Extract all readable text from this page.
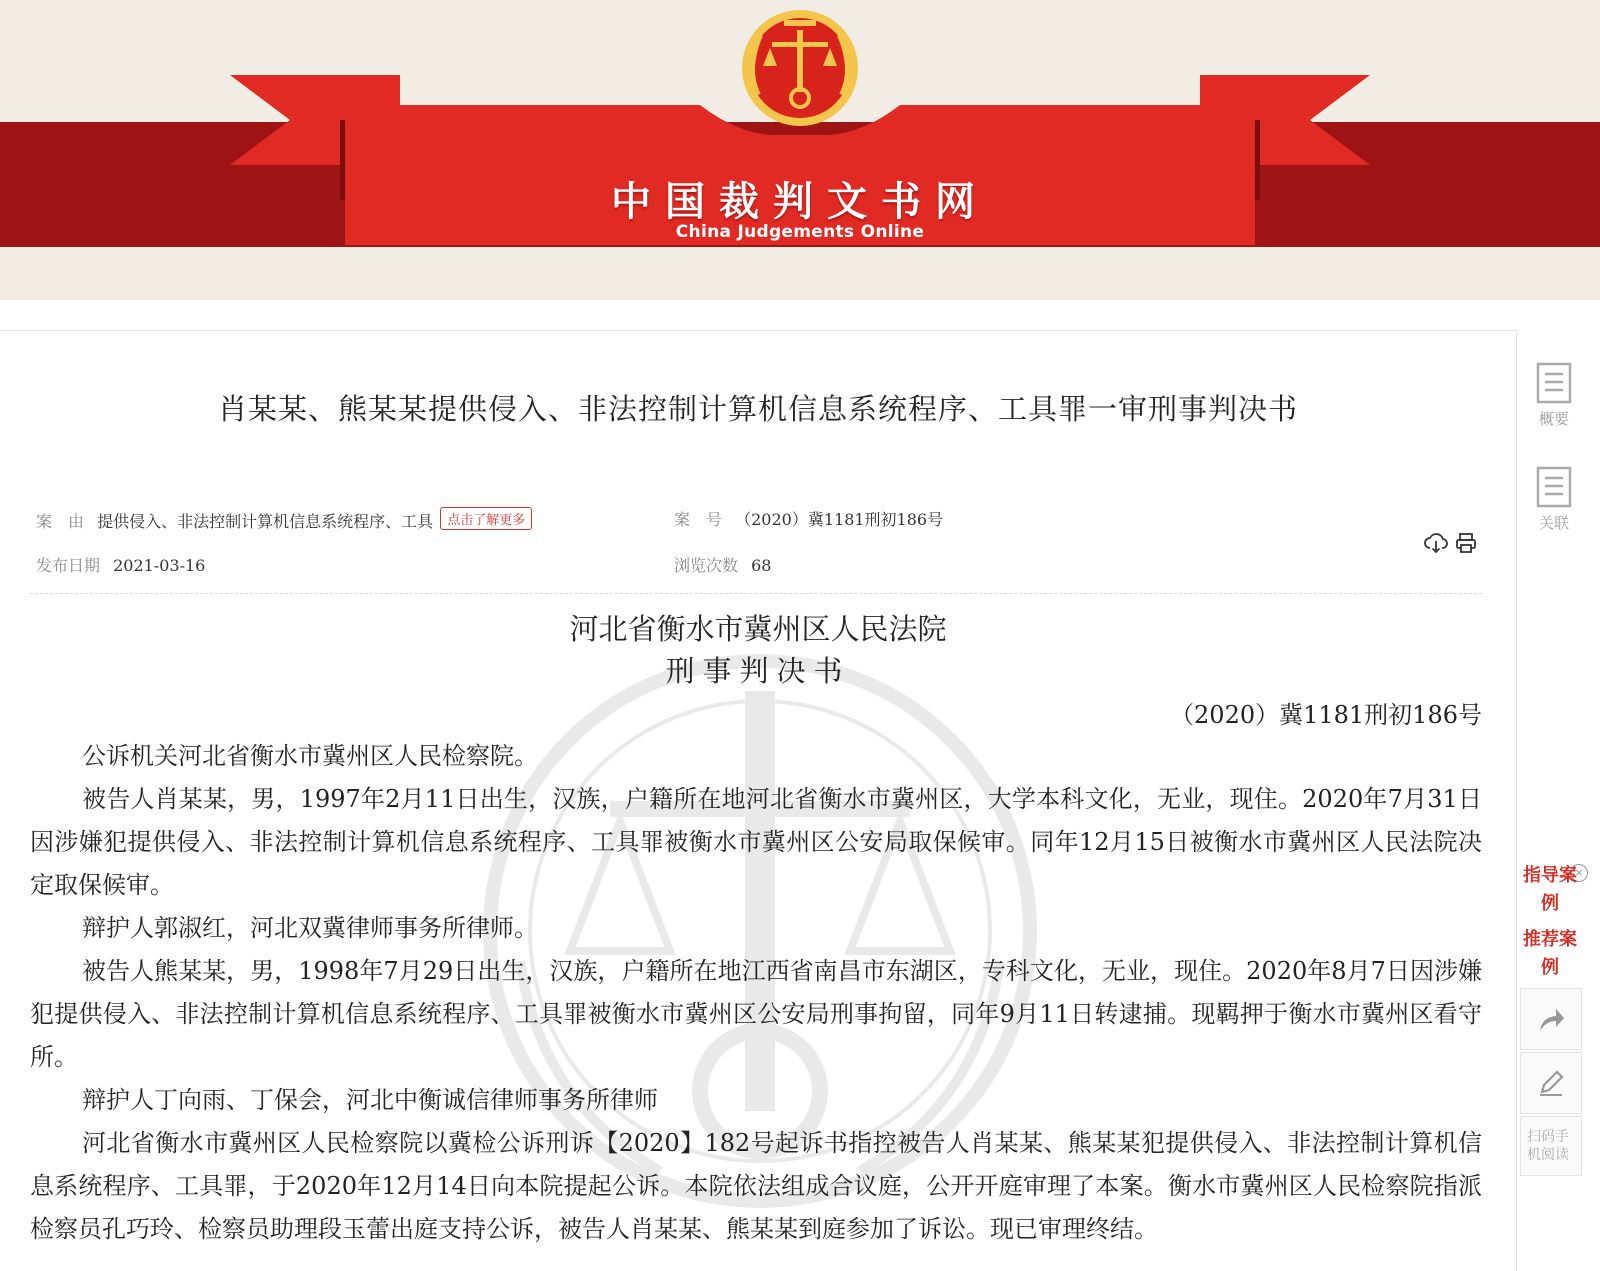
中国裁判文书网
China Judgements Online
肖某某、熊某某提供侵入、非法控制计算机信息系统程序、工具罪一审刑事判决书
案　由 提供侵入、非法控制计算机信息系统程序、工具 点击了解更多	案　号 （2020）冀1181刑初186号
发布日期 2021-03-16	浏览次数 68
河北省衡水市冀州区人民法院
刑事判决书
（2020）冀1181刑初186号

公诉机关河北省衡水市冀州区人民检察院。

被告人肖某某，男，1997年2月11日出生，汉族，户籍所在地河北省衡水市冀州区，大学本科文化，无业，现住。2020年7月31日因涉嫌犯提供侵入、非法控制计算机信息系统程序、工具罪被衡水市冀州区公安局取保候审。同年12月15日被衡水市冀州区人民法院决定取保候审。

辩护人郭淑红，河北双冀律师事务所律师。

被告人熊某某，男，1998年7月29日出生，汉族，户籍所在地江西省南昌市东湖区，专科文化，无业，现住。2020年8月7日因涉嫌犯提供侵入、非法控制计算机信息系统程序、工具罪被衡水市冀州区公安局刑事拘留，同年9月11日转逮捕。现羁押于衡水市冀州区看守所。

辩护人丁向雨、丁保会，河北中衡诚信律师事务所律师

河北省衡水市冀州区人民检察院以冀检公诉刑诉【2020】182号起诉书指控被告人肖某某、熊某某犯提供侵入、非法控制计算机信息系统程序、工具罪，于2020年12月14日向本院提起公诉。本院依法组成合议庭，公开开庭审理了本案。衡水市冀州区人民检察院指派检察员孔巧玲、检察员助理段玉蕾出庭支持公诉，被告人肖某某、熊某某到庭参加了诉讼。现已审理终结。

概要
关联
×
指导案例
推荐案例
扫码手机阅读
